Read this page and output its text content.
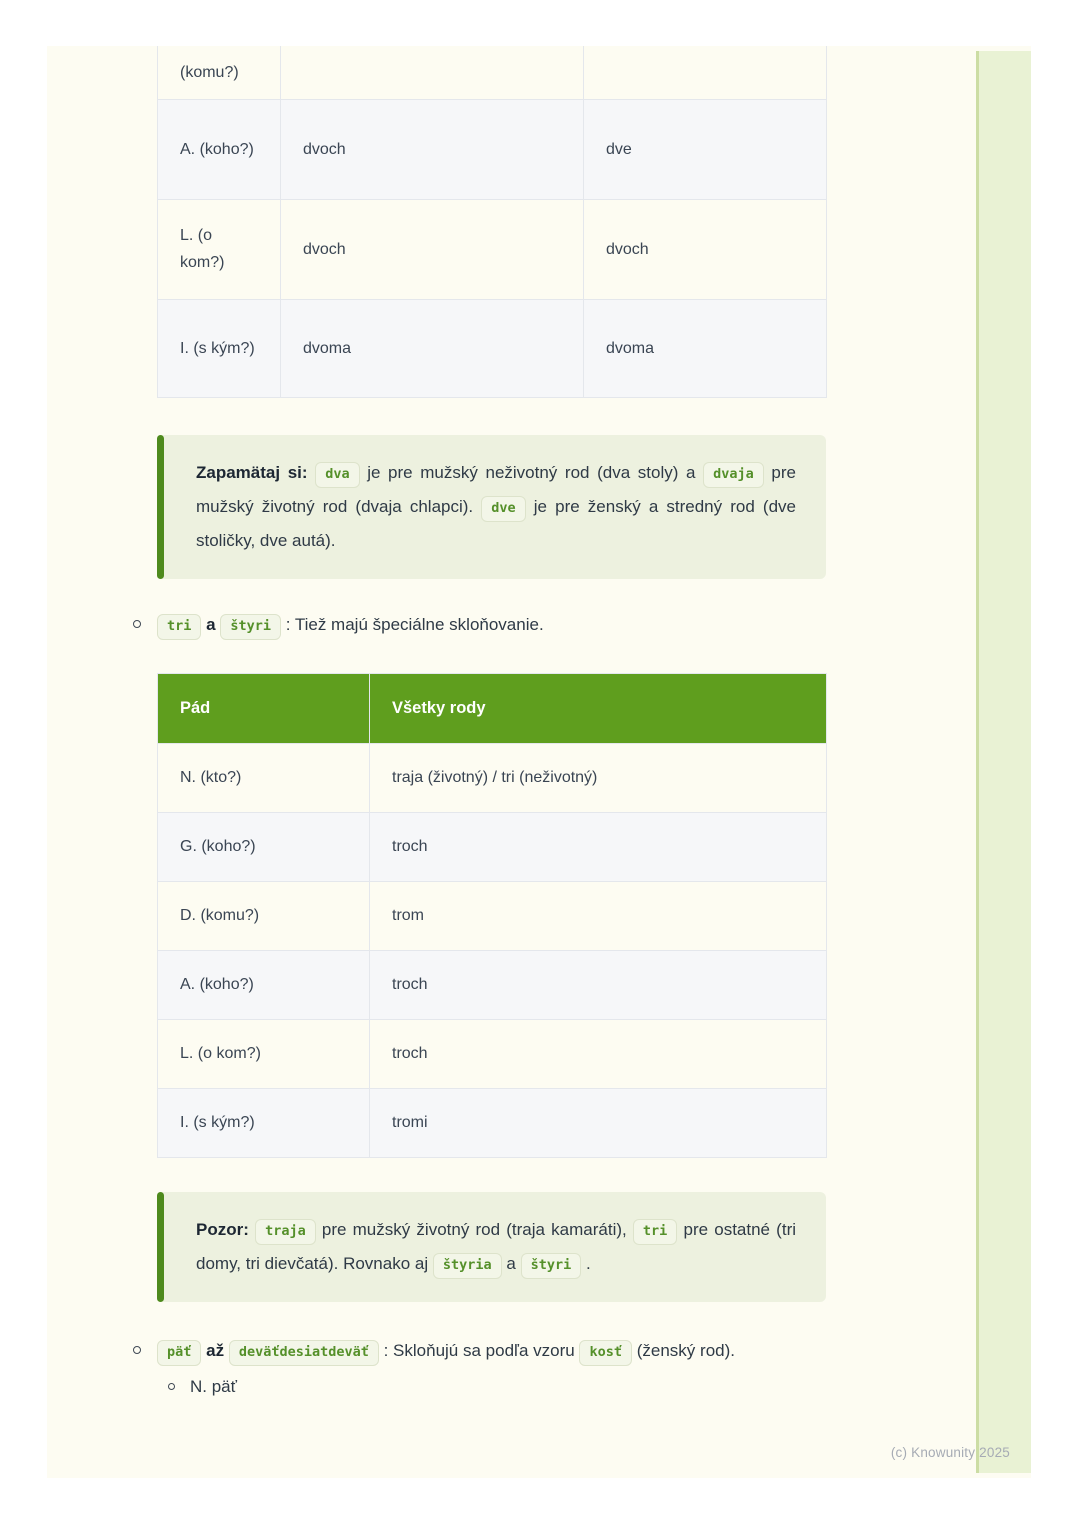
(komu?)		
A. (koho?)	dvoch	dve
L. (o kom?)	dvoch	dvoch
I. (s kým?)	dvoma	dvoma

Zapamätaj si: dva je pre mužský neživotný rod (dva stoly) a dvaja pre mužský životný rod (dvaja chlapci). dve je pre ženský a stredný rod (dve stoličky, dve autá).

tri a štyri : Tiež majú špeciálne skloňovanie.

Pád	Všetky rody
N. (kto?)	traja (životný) / tri (neživotný)
G. (koho?)	troch
D. (komu?)	trom
A. (koho?)	troch
L. (o kom?)	troch
I. (s kým?)	tromi

Pozor: traja pre mužský životný rod (traja kamaráti), tri pre ostatné (tri domy, tri dievčatá). Rovnako aj štyria a štyri .

päť až deväťdesiatdeväť : Skloňujú sa podľa vzoru kosť (ženský rod).

N. päť

(c) Knowunity 2025
